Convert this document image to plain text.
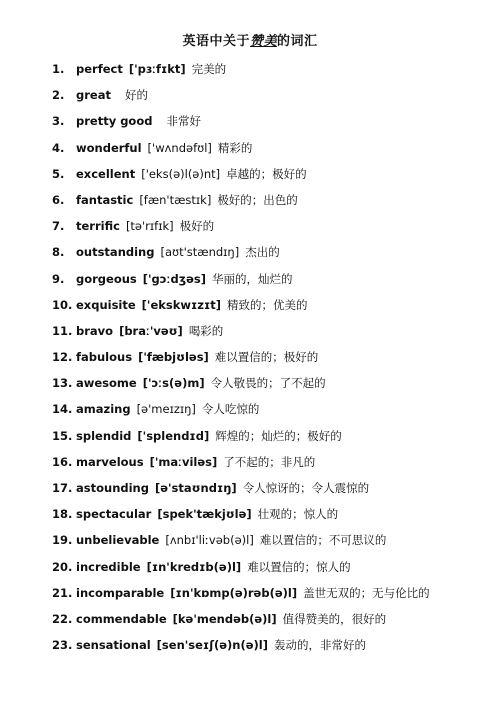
英语中关于赞美的词汇
1. perfect ['pɜːfɪkt] 完美的
2. great 好的
3. pretty good 非常好
4. wonderful ['wʌndəfʊl] 精彩的
5. excellent ['eks(ə)l(ə)nt] 卓越的；极好的
6. fantastic [fæn'tæstɪk] 极好的；出色的
7. terrific [tə'rɪfɪk] 极好的
8. outstanding [aʊt'stændɪŋ] 杰出的
9. gorgeous ['gɔːdʒəs] 华丽的，灿烂的
10. exquisite ['ekskwɪzɪt] 精致的；优美的
11. bravo [braː'vəʊ] 喝彩的
12. fabulous ['fæbjʊləs] 难以置信的；极好的
13. awesome ['ɔːs(ə)m] 令人敬畏的；了不起的
14. amazing [ə'meɪzɪŋ] 令人吃惊的
15. splendid ['splendɪd] 辉煌的；灿烂的；极好的
16. marvelous ['maːviləs] 了不起的；非凡的
17. astounding [ə'staʊndɪŋ] 令人惊讶的；令人震惊的
18. spectacular [spek'tækjʊlə] 壮观的；惊人的
19. unbelievable [ʌnbɪ'liːvəb(ə)l] 难以置信的；不可思议的
20. incredible [ɪn'kredɪb(ə)l] 难以置信的；惊人的
21. incomparable [ɪn'kɒmp(ə)rəb(ə)l] 盖世无双的；无与伦比的
22. commendable [kə'mendəb(ə)l] 值得赞美的，很好的
23. sensational [sen'seɪʃ(ə)n(ə)l] 轰动的，非常好的
